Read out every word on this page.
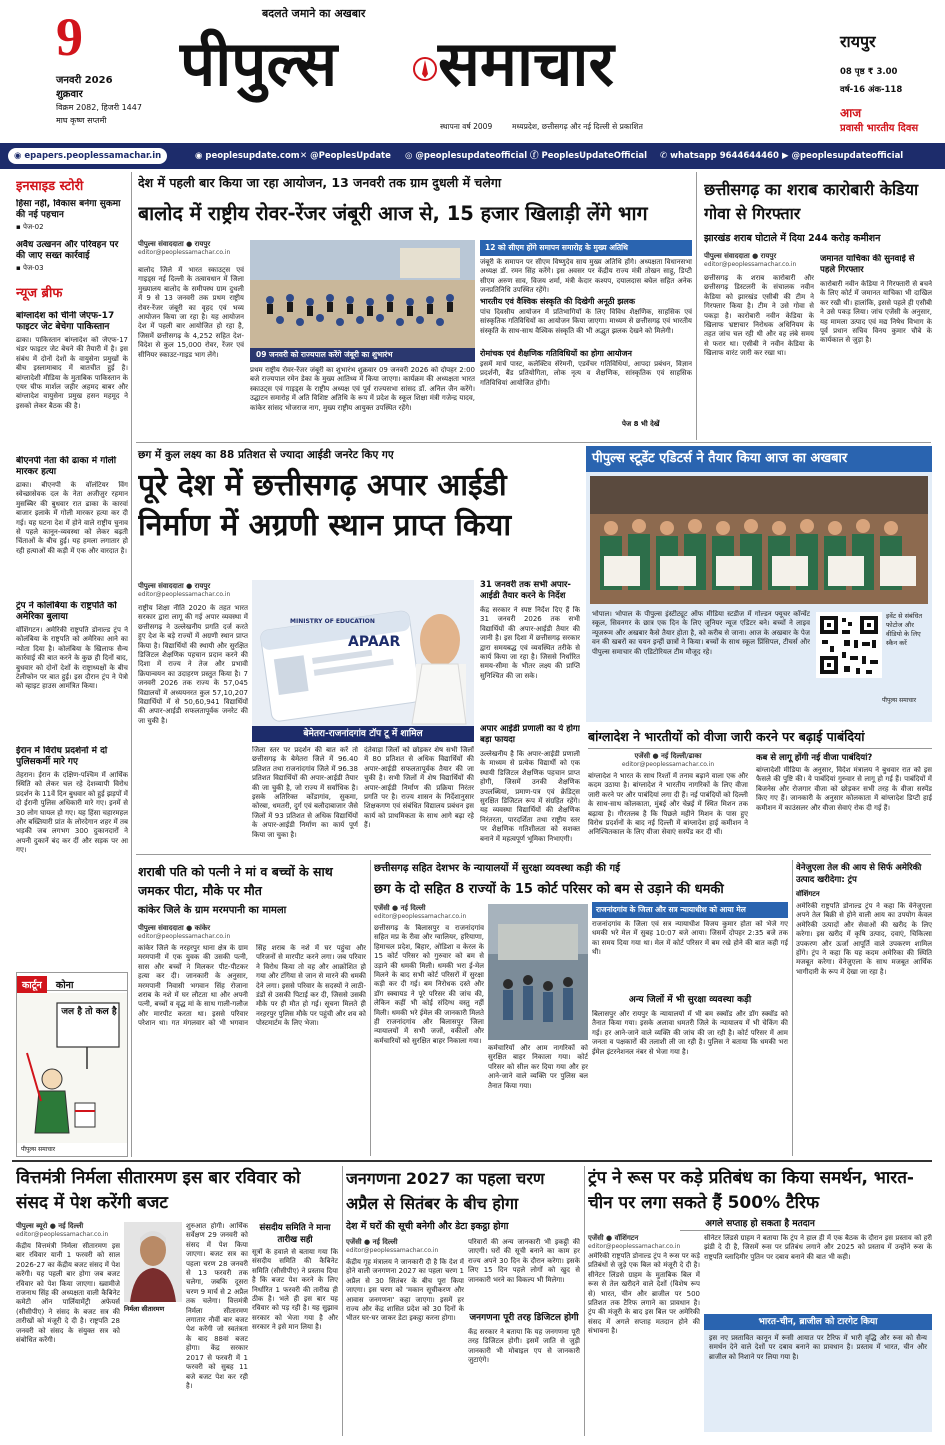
9
जनवरी 2026
शुक्रवार
विक्रम 2082, हिजरी 1447
माघ कृष्ण सप्तमी
बदलते जमाने का अखबार
पीपुल्स समाचार
स्थापना वर्ष 2009	मध्यप्रदेश, छत्तीसगढ़ और नई दिल्ली से प्रकाशित
रायपुर
08 पृष्ठ ₹ 3.00
वर्ष-16 अंक-118
आज
प्रवासी भारतीय दिवस
◉ epapers.peoplessamachar.in	◉ peoplesupdate.com ✕ @PeoplesUpdate ◎ @peoplesupdateofficial ⓕ PeoplesUpdateOfficial ✆ whatsapp 9644644460 ▶ @peoplesupdateofficial
इनसाइड स्टोरी
हिंसा नहीं, विकास बनेगा सुकमा की नई पहचान
▪ पेज-02
अवैध उत्खनन और परिवहन पर की जाए सख्त कार्रवाई
▪ पेज-03
न्यूज ब्रीफ
बांग्लादेश को चीनी जेएफ-17 फाइटर जेट बेचेगा पाकिस्तान
ढाका। पाकिस्तान बांग्लादेश को जेएफ-17 थंडर फाइटर जेट बेचने की तैयारी में है। इस संबंध में दोनों देशों के वायुसेना प्रमुखों के बीच इस्लामाबाद में बातचीत हुई है। बांग्लादेशी मीडिया के मुताबिक पाकिस्तान के एयर चीफ मार्शल जहीर अहमद बाबर और बांग्लादेश वायुसेना प्रमुख हसन महमूद ने इसको लेकर बैठक की है।
बीएनपी नेता की ढाका में गोली मारकर हत्या
ढाका। बीएनपी के वॉलंटियर विंग स्वेच्छासेवक दल के नेता अजीजुर रहमान मुसब्बिर की बुधवार रात ढाका के कारवां बाजार इलाके में गोली मारकर हत्या कर दी गई। यह घटना देश में होने वाले राष्ट्रीय चुनाव से पहले कानून-व्यवस्था को लेकर बढ़ती चिंताओं के बीच हुई। यह हमला लगातार हो रही हत्याओं की कड़ी में एक और वारदात है।
ट्रंप ने कोलंबिया के राष्ट्रपति को अमेरिका बुलाया
वॉशिंगटन। अमेरिकी राष्ट्रपति डोनाल्ड ट्रंप ने कोलंबिया के राष्ट्रपति को अमेरिका आने का न्योता दिया है। कोलंबिया के खिलाफ सैन्य कार्रवाई की बात करने के कुछ ही दिनों बाद, बुधवार को दोनों देशों के राष्ट्राध्यक्षों के बीच टेलीफोन पर बात हुई। इस दौरान ट्रंप ने पेत्रो को व्हाइट हाउस आमंत्रित किया।
ईरान में विरोध प्रदर्शनों में दो पुलिसकर्मी मारे गए
तेहरान। ईरान के दक्षिण-पश्चिम में आर्थिक स्थिति को लेकर चल रहे देशव्यापी विरोध प्रदर्शन के 11वें दिन बुधवार को हुई झड़पों में दो ईरानी पुलिस अधिकारी मारे गए। इनमें से 30 लोग घायल हो गए। यह हिंसा चहारमहल और बख्तियारी प्रांत के लोरदेगान शहर में तब भड़की जब लगभग 300 दुकानदारों ने अपनी दुकानें बंद कर दीं और सड़क पर आ गए।
कार्टून कोना
जल है तो कल है
पीपुल्स समाचार
देश में पहली बार किया जा रहा आयोजन, 13 जनवरी तक ग्राम दुधली में चलेगा
बालोद में राष्ट्रीय रोवर-रेंजर जंबूरी आज से, 15 हजार खिलाड़ी लेंगे भाग
पीपुल्स संवाददाता ● रायपुर
editor@peoplessamachar.co.in
बालोद जिले में भारत स्काउट्स एवं गाइड्स नई दिल्ली के तत्वावधान में जिला मुख्यालय बालोद के समीपस्थ ग्राम दुधली में 9 से 13 जनवरी तक प्रथम राष्ट्रीय रोवर-रेंजर जंबूरी का वृहद एवं भव्य आयोजन किया जा रहा है। यह आयोजन देश में पहली बार आयोजित हो रहा है, जिसमें छत्तीसगढ़ के 4,252 सहित देश-विदेश से कुल 15,000 रोवर, रेंजर एवं सीनियर स्काउट-गाइड भाग लेंगे।	09 जनवरी को राज्यपाल करेंगे जंबूरी का शुभारंभ
प्रथम राष्ट्रीय रोवर-रेंजर जंबूरी का शुभारंभ शुक्रवार 09 जनवरी 2026 को दोपहर 2:00 बजे राज्यपाल रमेन डेका के मुख्य आतिथ्य में किया जाएगा। कार्यक्रम की अध्यक्षता भारत स्काउट्स एवं गाइड्स के राष्ट्रीय अध्यक्ष एवं पूर्व राज्यसभा सांसद डॉ. अनिल जैन करेंगे। उद्घाटन समारोह में अति विशिष्ट अतिथि के रूप में प्रदेश के स्कूल शिक्षा मंत्री गजेन्द्र यादव, कांकेर सांसद भोजराज नाग, मुख्य राष्ट्रीय आयुक्त उपस्थित रहेंगे।
12 को सीएम होंगे समापन समारोह के मुख्य अतिथि
जंबूरी के समापन पर सीएम विष्णुदेव साय मुख्य अतिथि होंगे। अध्यक्षता विधानसभा अध्यक्ष डॉ. रमन सिंह करेंगे। इस अवसर पर केंद्रीय राज्य मंत्री तोखन साहू, डिप्टी सीएम अरुण साव, विजय शर्मा, मंत्री केदार कश्यप, दयालदास बघेल सहित अनेक जनप्रतिनिधि उपस्थित रहेंगे।
भारतीय एवं वैश्विक संस्कृति की दिखेगी अनूठी झलक
पांच दिवसीय आयोजन में प्रतिभागियों के लिए विविध शैक्षणिक, साहसिक एवं सांस्कृतिक गतिविधियों का आयोजन किया जाएगा। माध्यम से छत्तीसगढ़ एवं भारतीय संस्कृति के साथ-साथ वैश्विक संस्कृति की भी अद्भुत झलक देखने को मिलेगी।
रोमांचक एवं शैक्षणिक गतिविधियों का होगा आयोजन
इसमें मार्च पास्ट, कलेक्टिव सेरेमनी, एडवेंचर गतिविधियां, आपदा प्रबंधन, विज्ञान प्रदर्शनी, बैंड प्रतियोगिता, लोक नृत्य व शैक्षणिक, सांस्कृतिक एवं साहसिक गतिविधियां आयोजित होंगी।
पेज 8 भी देखें
छत्तीसगढ़ का शराब कारोबारी केडिया गोवा से गिरफ्तार
झारखंड शराब घोटाले में दिया 244 करोड़ कमीशन
पीपुल्स संवाददाता ● रायपुर
editor@peoplessamachar.co.in
छत्तीसगढ़ के शराब कारोबारी और छत्तीसगढ़ डिस्टलरी के संचालक नवीन केडिया को झारखंड एसीबी की टीम ने गिरफ्तार किया है। टीम ने उसे गोवा से पकड़ा है। कारोबारी नवीन केडिया के खिलाफ भ्रष्टाचार निरोधक अधिनियम के तहत जांच चल रही थी और वह लंबे समय से फरार था। एसीबी ने नवीन केडिया के खिलाफ वारंट जारी कर रखा था।
जमानत याचिका की सुनवाई से पहले गिरफ्तार
कारोबारी नवीन केडिया ने गिरफ्तारी से बचने के लिए कोर्ट में जमानत याचिका भी दाखिल कर रखी थी। हालांकि, इससे पहले ही एसीबी ने उसे पकड़ लिया। जांच एजेंसी के अनुसार, यह मामला उत्पाद एवं मद्य निषेध विभाग के पूर्व प्रधान सचिव विनय कुमार चौबे के कार्यकाल से जुड़ा है।
छग में कुल लक्ष्य का 88 प्रतिशत से ज्यादा आईडी जनरेट किए गए
पूरे देश में छत्तीसगढ़ अपार आईडी निर्माण में अग्रणी स्थान प्राप्त किया
पीपुल्स संवाददाता ● रायपुर
editor@peoplessamachar.co.in
राष्ट्रीय शिक्षा नीति 2020 के तहत भारत सरकार द्वारा लागू की गई अपार व्यवस्था में छत्तीसगढ़ ने उल्लेखनीय प्रगति दर्ज करते हुए देश के बड़े राज्यों में अग्रणी स्थान प्राप्त किया है। विद्यार्थियों की स्थायी और सुरक्षित डिजिटल शैक्षणिक पहचान प्रदान करने की दिशा में राज्य ने तेज और प्रभावी क्रियान्वयन का उदाहरण प्रस्तुत किया है। 7 जनवरी 2026 तक राज्य के 57,045 विद्यालयों में अध्ययनरत कुल 57,10,207 विद्यार्थियों में से 50,60,941 विद्यार्थियों की अपार-आईडी सफलतापूर्वक जनरेट की जा चुकी है।
MINISTRY OF EDUCATION
APAAR
बेमेतरा-राजनांदगांव टॉप टू में शामिल
जिला स्तर पर प्रदर्शन की बात करें तो छत्तीसगढ़ के बेमेतरा जिले में 96.40 प्रतिशत तथा राजनांदगांव जिले में 96.38 प्रतिशत विद्यार्थियों की अपार-आईडी तैयार की जा चुकी है, जो राज्य में सर्वाधिक है। इसके अतिरिक्त कोंडागांव, सुकमा, कोरबा, धमतरी, दुर्ग एवं बलौदाबाजार जैसे जिलों में 93 प्रतिशत से अधिक विद्यार्थियों के अपार-आईडी निर्माण का कार्य पूर्ण किया जा चुका है।
दंतेवाड़ा जिलों को छोड़कर शेष सभी जिलों में 80 प्रतिशत से अधिक विद्यार्थियों की अपार-आईडी सफलतापूर्वक तैयार की जा चुकी है। सभी जिलों में शेष विद्यार्थियों की अपार-आईडी निर्माण की प्रक्रिया निरंतर प्रगति पर है। राज्य शासन के निर्देशानुसार शिक्षकगण एवं संबंधित विद्यालय प्रबंधन इस कार्य को प्राथमिकता के साथ आगे बढ़ा रहे हैं।
31 जनवरी तक सभी अपार-आईडी तैयार करने के निर्देश
केंद्र सरकार ने स्पष्ट निर्देश दिए हैं कि 31 जनवरी 2026 तक सभी विद्यार्थियों की अपार-आईडी तैयार की जानी है। इस दिशा में छत्तीसगढ़ सरकार द्वारा समयबद्ध एवं व्यवस्थित तरीके से कार्य किया जा रहा है। जिससे निर्धारित समय-सीमा के भीतर लक्ष्य की प्राप्ति सुनिश्चित की जा सके।
अपार आईडी प्रणाली का ये होगा बड़ा फायदा
उल्लेखनीय है कि अपार-आईडी प्रणाली के माध्यम से प्रत्येक विद्यार्थी को एक स्थायी डिजिटल शैक्षणिक पहचान प्राप्त होगी, जिसमें उनकी शैक्षणिक उपलब्धियां, प्रमाण-पत्र एवं क्रेडिट्स सुरक्षित डिजिटल रूप में संग्रहित रहेंगे। यह व्यवस्था विद्यार्थियों की शैक्षणिक निरंतरता, पारदर्शिता तथा राष्ट्रीय स्तर पर शैक्षणिक गतिशीलता को सशक्त बनाने में महत्वपूर्ण भूमिका निभाएगी।
पीपुल्स स्टूडेंट एडिटर्स ने तैयार किया आज का अखबार
भोपाल। भोपाल के पीपुल्स इंस्टीट्यूट ऑफ मीडिया स्टडीज में गोल्डन फ्यूचर कॉन्वेंट स्कूल, सिवनगर के छात्र एक दिन के लिए जूनियर न्यूज एडिटर बने। बच्चों ने लाइव न्यूजरूम और अखबार कैसे तैयार होता है, को करीब से जाना। आज के अखबार के पेज वन की खबरों का चयन इन्हीं छात्रों ने किया। बच्चों के साथ स्कूल प्रिंसिपल, टीचर्स और पीपुल्स समाचार की एडिटोरियल टीम मौजूद रहे।
इवेंट से संबंधित फोटोज और वीडियो के लिए स्कैन करें
पीपुल्स समाचार
बांग्लादेश ने भारतीयों को वीजा जारी करने पर बढ़ाई पाबंदियां
एजेंसी ● नई दिल्ली/ढाका
editor@peoplessamachar.co.in
बांग्लादेश ने भारत के साथ रिश्तों में तनाव बढ़ाने वाला एक और कदम उठाया है। बांग्लादेश ने भारतीय नागरिकों के लिए वीजा जारी करने पर और पाबंदियां लगा दी हैं। नई पाबंदियों को दिल्ली के साथ-साथ कोलकाता, मुंबई और चेन्नई में स्थित मिशन तक बढ़ाया है। गौरतलब है कि पिछले महीने मिशन के पास हुए विरोध प्रदर्शनों के बाद नई दिल्ली में बांग्लादेश हाई कमीशन ने अनिश्चितकाल के लिए वीजा सेवाएं सस्पेंड कर दी थीं।
कब से लागू होंगी नई वीजा पाबंदियां?
बांग्लादेशी मीडिया के अनुसार, विदेश मंत्रालय ने बुधवार रात को इस फैसले की पुष्टि की। ये पाबंदियां गुरुवार से लागू हो गई हैं। पाबंदियों में बिजनेस और रोजगार वीजा को छोड़कर सभी तरह के वीजा सस्पेंड किए गए हैं। जानकारी के अनुसार कोलकाता में बांग्लादेश डिप्टी हाई कमीशन में काउंसलर और वीजा सेवाएं रोक दी गई हैं।
शराबी पति को पत्नी ने मां व बच्चों के साथ जमकर पीटा, मौके पर मौत
कांकेर जिले के ग्राम मरमपानी का मामला
पीपुल्स संवाददाता ● कांकेर
editor@peoplessamachar.co.in
कांकेर जिले के नरहरपुर थाना क्षेत्र के ग्राम मरमपानी में एक युवक की उसकी पत्नी, सास और बच्चों ने मिलकर पीट-पीटकर हत्या कर दी। जानकारी के अनुसार, मरमपानी निवासी भगवान सिंह रोजाना शराब के नशे में घर लौटता था और अपनी पत्नी, बच्चों व वृद्ध मां के साथ गाली-गलौज और मारपीट करता था। इससे परिवार परेशान था। गत मंगलवार को भी भगवान सिंह शराब के नशे में घर पहुंचा और परिजनों से मारपीट करने लगा। जब परिवार ने विरोध किया तो वह और आक्रोशित हो गया और टंगिया से जान से मारने की धमकी देने लगा। इससे परिवार के सदस्यों ने लाठी-डंडों से उसकी पिटाई कर दी, जिससे उसकी मौके पर ही मौत हो गई। सूचना मिलते ही नरहरपुर पुलिस मौके पर पहुंची और शव को पोस्टमार्टम के लिए भेजा।
छत्तीसगढ़ सहित देशभर के न्यायालयों में सुरक्षा व्यवस्था कड़ी की गई
छग के दो सहित 8 राज्यों के 15 कोर्ट परिसर को बम से उड़ाने की धमकी
एजेंसी ● नई दिल्ली
editor@peoplessamachar.co.in
छत्तीसगढ़ के बिलासपुर व राजनांदगांव सहित मप्र के रीवा और ग्वालियर, हरियाणा, हिमाचल प्रदेश, बिहार, ओडिशा व केरल के 15 कोर्ट परिसर को गुरुवार को बम से उड़ाने की धमकी मिली। धमकी भरा ई-मेल मिलने के बाद सभी कोर्ट परिसरों में सुरक्षा कड़ी कर दी गई। बम निरोधक दस्ते और डॉग स्क्वायड ने पूरे परिसर की जांच की, लेकिन कहीं भी कोई संदिग्ध वस्तु नहीं मिली। धमकी भरे ईमेल की जानकारी मिलते ही राजनांदगांव और बिलासपुर जिला न्यायालयों में सभी जजों, वकीलों और कर्मचारियों को सुरक्षित बाहर निकाला गया।
कर्मचारियों और आम नागरिकों को सुरक्षित बाहर निकाला गया। कोर्ट परिसर को सील कर दिया गया और हर आने-जाने वाले व्यक्ति पर पुलिस बल तैनात किया गया।
राजनांदगांव के जिला और सत्र न्यायाधीश को आया मेल
राजनांदगांव के जिला एवं सत्र न्यायाधीश विजय कुमार होता को भेजे गए धमकी भरे मेल में सुबह 10:07 बजे आया। जिसमें दोपहर 2:35 बजे तक का समय दिया गया था। मेल में कोर्ट परिसर में बम रखे होने की बात कही गई थी।
अन्य जिलों में भी सुरक्षा व्यवस्था कड़ी
बिलासपुर और रायपुर के न्यायालयों में भी बम स्क्वॉड और डॉग स्क्वॉड को तैनात किया गया। इसके अलावा धमतरी जिले के न्यायालय में भी चेकिंग की गई। हर आने-जाने वाले व्यक्ति की जांच की जा रही है। कोर्ट परिसर में आम जनता व पक्षकारों की तलाशी ली जा रही है। पुलिस ने बताया कि धमकी भरा ईमेल इंटरनेशनल नंबर से भेजा गया है।
वेनेजुएला तेल की आय से सिर्फ अमेरिकी उत्पाद खरीदेगा: ट्रंप
वॉशिंगटन
अमेरिकी राष्ट्रपति डोनाल्ड ट्रंप ने कहा कि वेनेजुएला अपने तेल बिक्री से होने वाली आय का उपयोग केवल अमेरिकी उत्पादों और सेवाओं की खरीद के लिए करेगा। इस खरीद में कृषि उत्पाद, दवाएं, चिकित्सा उपकरण और ऊर्जा आपूर्ति वाले उपकरण शामिल होंगे। ट्रंप ने कहा कि यह कदम अमेरिका की स्थिति मजबूत करेगा। वेनेजुएला के साथ मजबूत आर्थिक भागीदारी के रूप में देखा जा रहा है।
वित्तमंत्री निर्मला सीतारमण इस बार रविवार को संसद में पेश करेंगी बजट
पीपुल्स ब्यूरो ● नई दिल्ली
editor@peoplessamachar.co.in
केंद्रीय वित्तमंत्री निर्मला सीतारमण इस बार रविवार यानी 1 फरवरी को साल 2026-27 का केंद्रीय बजट संसद में पेश करेंगी। यह पहली बार होगा जब बजट रविवार को पेश किया जाएगा। ख्वामीजे राजनाथ सिंह की अध्यक्षता वाली कैबिनेट कमेटी ऑन पार्लियामेंट्री अफेयर्स (सीसीपीए) ने संसद के बजट सत्र की तारीखों को मंजूरी दे दी है। राष्ट्रपति 28 जनवरी को संसद के संयुक्त सत्र को संबोधित करेंगी।
निर्मला सीतारमण
शुरुआत होगी। आर्थिक सर्वेक्षण 29 जनवरी को संसद में पेश किया जाएगा। बजट सत्र का पहला चरण 28 जनवरी से 13 फरवरी तक चलेगा, जबकि दूसरा चरण 9 मार्च से 2 अप्रैल तक चलेगा। वित्तमंत्री निर्मला सीतारमण लगातार नौवीं बार बजट पेश करेंगी जो स्वतंत्रता के बाद 88वां बजट होगा। केंद्र सरकार 2017 से फरवरी में 1 फरवरी को सुबह 11 बजे बजट पेश कर रही है।
संसदीय समिति ने माना तारीख सही
सूत्रों के हवाले से बताया गया कि संसदीय समिति की कैबिनेट समिति (सीसीपीए) ने प्रस्ताव दिया है कि बजट पेश करने के लिए निर्धारित 1 फरवरी की तारीख ही ठीक है। भले ही इस बार यह रविवार को पड़ रही है। यह सुझाव सरकार को भेजा गया है और सरकार ने इसे मान लिया है।
जनगणना 2027 का पहला चरण अप्रैल से सितंबर के बीच होगा
देश में घरों की सूची बनेगी और डेटा इकट्ठा होगा
एजेंसी ● नई दिल्ली
editor@peoplessamachar.co.in
केंद्रीय गृह मंत्रालय ने जानकारी दी है कि देश में होने वाली जनगणना 2027 का पहला चरण 1 अप्रैल से 30 सितंबर के बीच पूरा किया जाएगा। इस चरण को 'मकान सूचीकरण और आवास जनगणना' कहा जाएगा। इसमें हर राज्य और केंद्र शासित प्रदेश को 30 दिनों के भीतर घर-घर जाकर डेटा इकट्ठा करना होगा।
परिवारों की अन्य जानकारी भी इकट्ठी की जाएगी। घरों की सूची बनाने का काम हर राज्य अपने 30 दिन के दौरान करेगा। इसके लिए 15 दिन पहले लोगों को खुद से जानकारी भरने का विकल्प भी मिलेगा।
जनगणना पूरी तरह डिजिटल होगी
केंद्र सरकार ने बताया कि यह जनगणना पूरी तरह डिजिटल होगी। इसमें जाति से जुड़ी जानकारी भी मोबाइल एप से जानकारी जुटाएंगे।
ट्रंप ने रूस पर कड़े प्रतिबंध का किया समर्थन, भारत-चीन पर लगा सकते हैं 500% टैरिफ
अगले सप्ताह हो सकता है मतदान
एजेंसी ● वॉशिंगटन
editor@peoplessamachar.co.in
अमेरिकी राष्ट्रपति डोनाल्ड ट्रंप ने रूस पर कड़े प्रतिबंधों से जुड़े एक बिल को मंजूरी दे दी है। सीनेटर लिंडसे ग्राहम के मुताबिक बिल में रूस से तेल खरीदने वाले देशों (विशेष रूप से) भारत, चीन और ब्राजील पर 500 प्रतिशत तक टैरिफ लगाने का प्रावधान है। ट्रंप की मंजूरी के बाद इस बिल पर अमेरिकी संसद में अगले सप्ताह मतदान होने की संभावना है।
सीनेटर लिंडसे ग्राहम ने बताया कि ट्रंप ने हाल ही में एक बैठक के दौरान इस प्रस्ताव को हरी झंडी दे दी है, जिसमें रूस पर प्रतिबंध लगाने और 2025 को प्रस्ताव में उन्होंने रूस के राष्ट्रपति व्लादिमीर पुतिन पर दबाव बनाने की बात भी कही।
भारत-चीन, ब्राजील को टारगेट किया
इस नए प्रस्तावित कानून में रूसी आयात पर टैरिफ में भारी वृद्धि और रूस को सैन्य समर्थन देने वाले देशों पर दबाव बनाने का प्रावधान है। प्रस्ताव में भारत, चीन और ब्राजील को निशाने पर लिया गया है।
